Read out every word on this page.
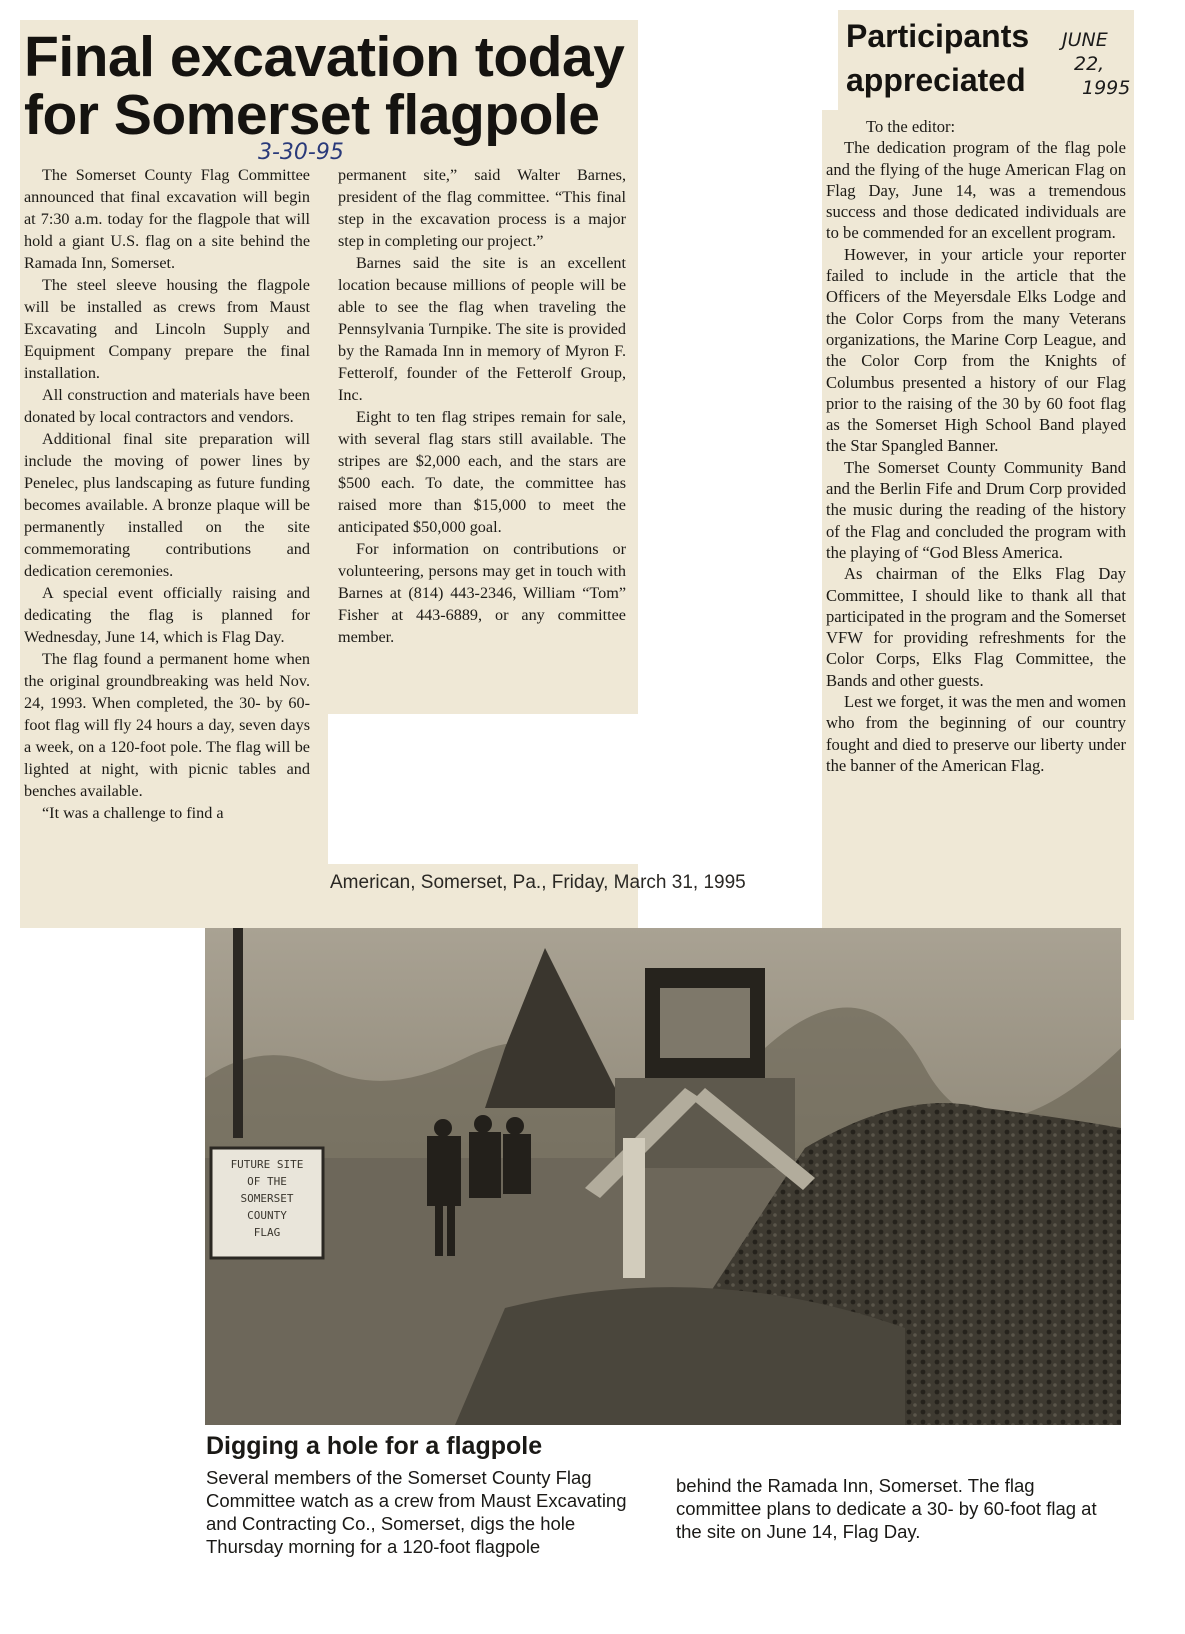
Final excavation today
for Somerset flagpole
3-30-95

The Somerset County Flag Committee announced that final excavation will begin at 7:30 a.m. today for the flagpole that will hold a giant U.S. flag on a site behind the Ramada Inn, Somerset.

The steel sleeve housing the flagpole will be installed as crews from Maust Excavating and Lincoln Supply and Equipment Company prepare the final installation.

All construction and materials have been donated by local contractors and vendors.

Additional final site preparation will include the moving of power lines by Penelec, plus landscaping as future funding becomes available. A bronze plaque will be permanently installed on the site commemorating contributions and dedication ceremonies.

A special event officially raising and dedicating the flag is planned for Wednesday, June 14, which is Flag Day.

The flag found a permanent home when the original groundbreaking was held Nov. 24, 1993. When completed, the 30- by 60-foot flag will fly 24 hours a day, seven days a week, on a 120-foot pole. The flag will be lighted at night, with picnic tables and benches available.

“It was a challenge to find a

permanent site,” said Walter Barnes, president of the flag committee. “This final step in the excavation process is a major step in completing our project.”

Barnes said the site is an excellent location because millions of people will be able to see the flag when traveling the Pennsylvania Turnpike. The site is provided by the Ramada Inn in memory of Myron F. Fetterolf, founder of the Fetterolf Group, Inc.

Eight to ten flag stripes remain for sale, with several flag stars still available. The stripes are $2,000 each, and the stars are $500 each. To date, the committee has raised more than $15,000 to meet the anticipated $50,000 goal.

For information on contributions or volunteering, persons may get in touch with Barnes at (814) 443-2346, William “Tom” Fisher at 443-6889, or any committee member.

Participants
appreciated
JUNE
22,
1995
To the editor:

The dedication program of the flag pole and the flying of the huge American Flag on Flag Day, June 14, was a tremendous success and those dedicated individuals are to be commended for an excellent program.

However, in your article your reporter failed to include in the article that the Officers of the Meyersdale Elks Lodge and the Color Corps from the many Veterans organizations, the Marine Corp League, and the Color Corp from the Knights of Columbus presented a history of our Flag prior to the raising of the 30 by 60 foot flag as the Somerset High School Band played the Star Spangled Banner.

The Somerset County Community Band and the Berlin Fife and Drum Corp provided the music during the reading of the history of the Flag and concluded the program with the playing of “God Bless America.

As chairman of the Elks Flag Day Committee, I should like to thank all that participated in the program and the Somerset VFW for providing refreshments for the Color Corps, Elks Flag Committee, the Bands and other guests.

Lest we forget, it was the men and women who from the beginning of our country fought and died to preserve our liberty under the banner of the American Flag.

American, Somerset, Pa., Friday, March 31, 1995
FUTURE SITE
OF THE
SOMERSET
COUNTY
FLAG
Digging a hole for a flagpole
Several members of the Somerset County Flag Committee watch as a crew from Maust Excavating and Contracting Co., Somerset, digs the hole Thursday morning for a 120-foot flagpole
behind the Ramada Inn, Somerset. The flag committee plans to dedicate a 30- by 60-foot flag at the site on June 14, Flag Day.
